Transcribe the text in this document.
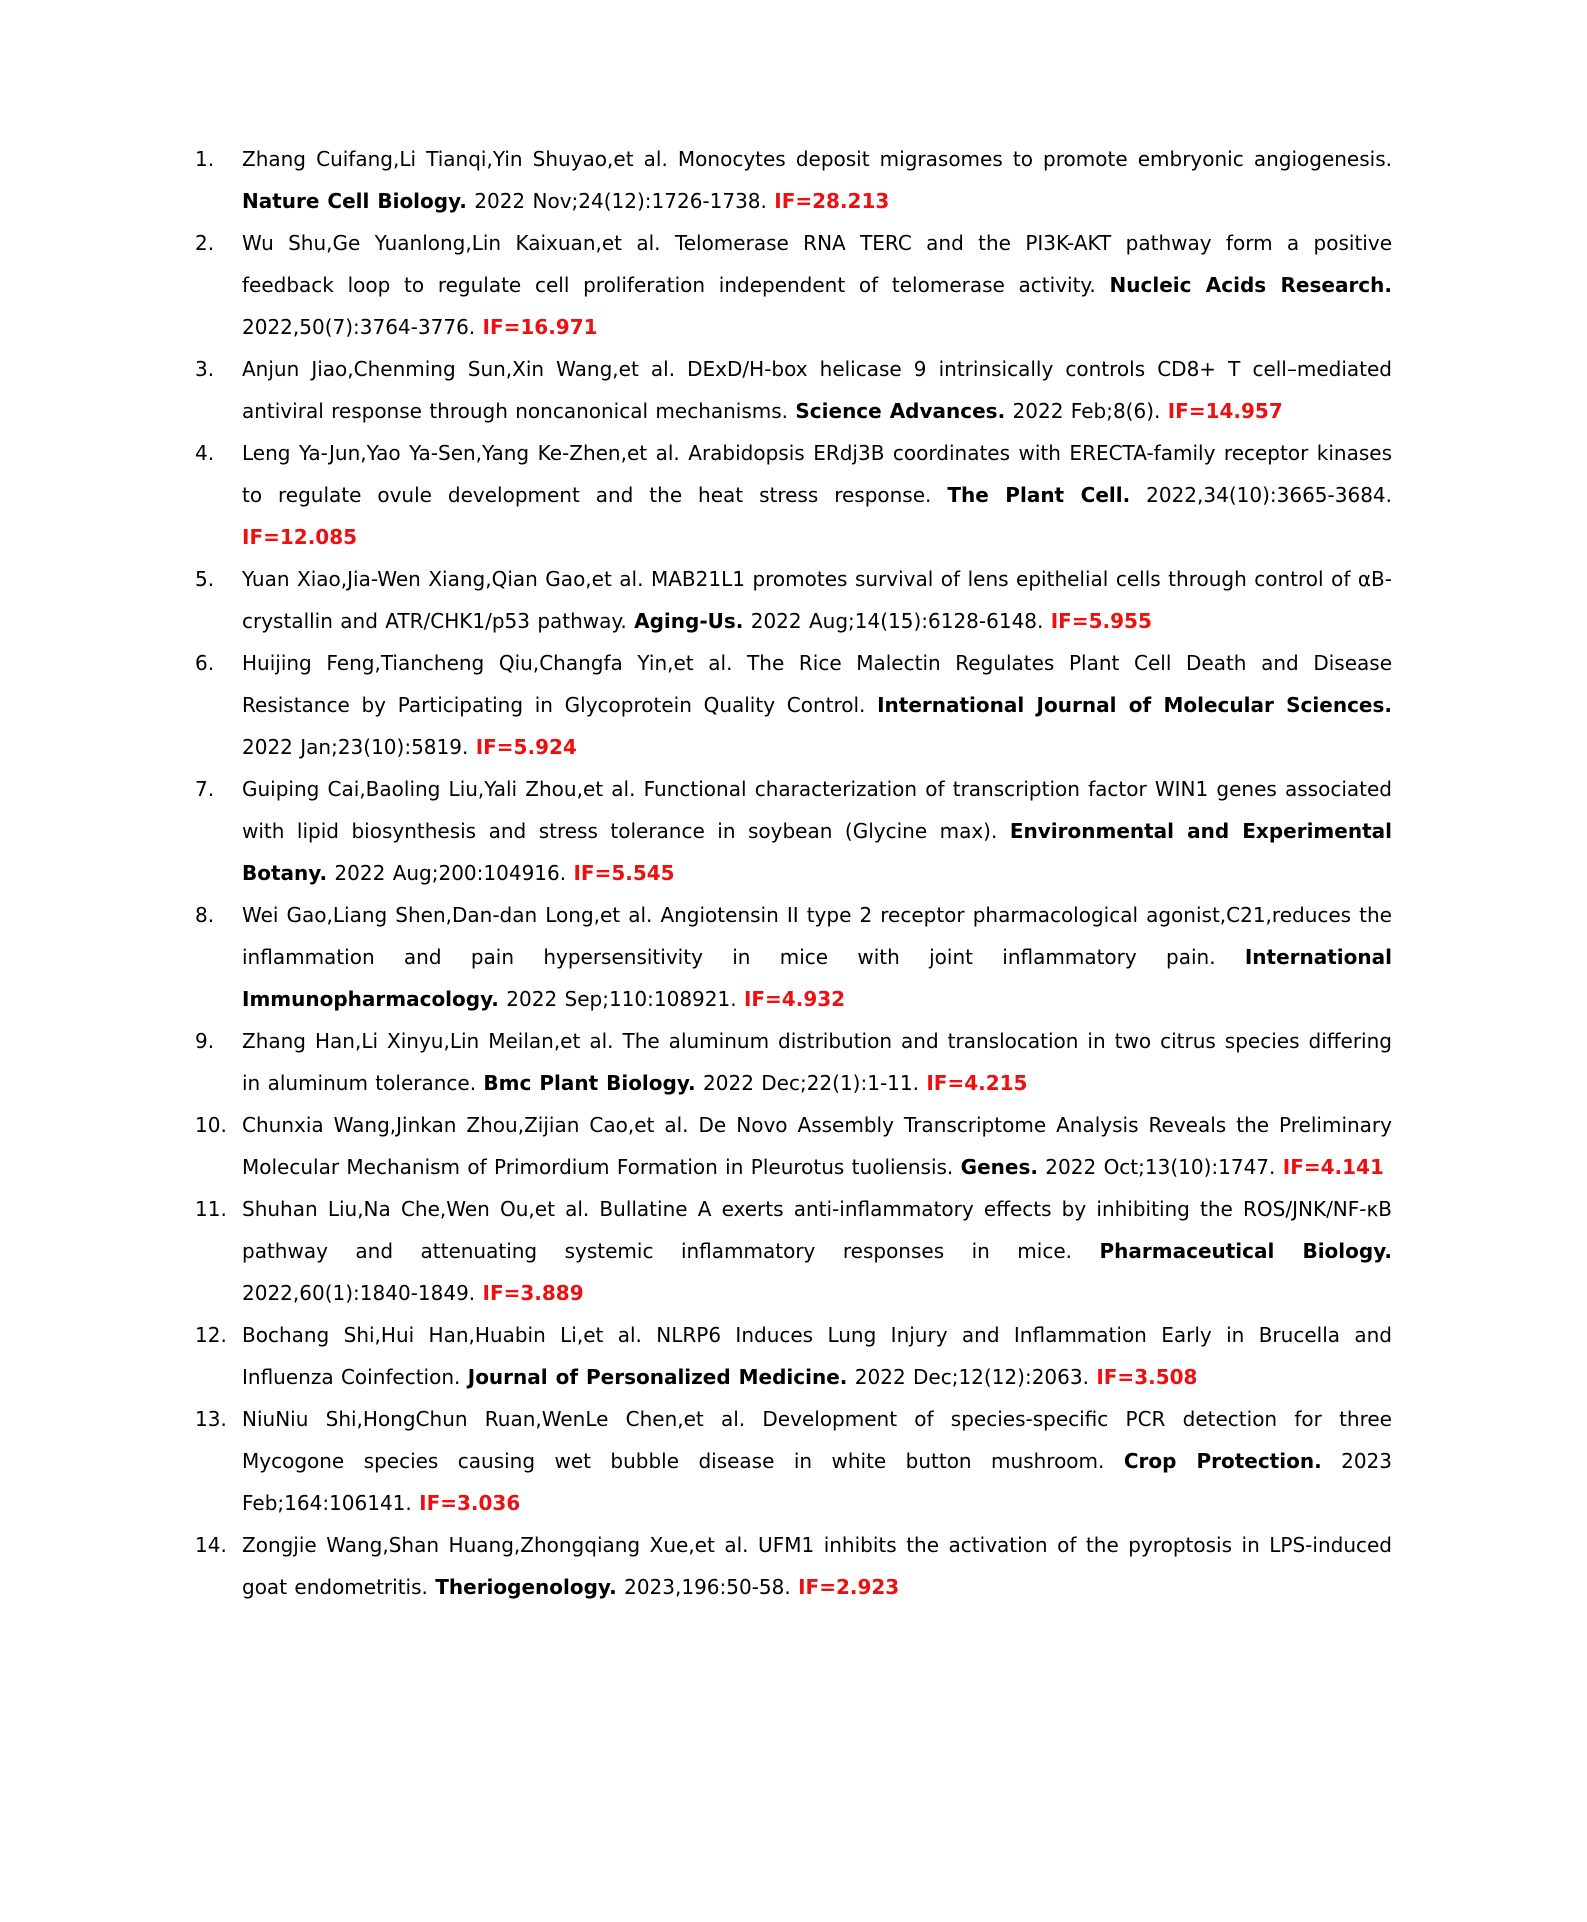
1.	Zhang Cuifang,Li Tianqi,Yin Shuyao,et al. Monocytes deposit migrasomes to promote embryonic angiogenesis. Nature Cell Biology. 2022 Nov;24(12):1726-1738. IF=28.213
2.	Wu Shu,Ge Yuanlong,Lin Kaixuan,et al. Telomerase RNA TERC and the PI3K-AKT pathway form a positive feedback loop to regulate cell proliferation independent of telomerase activity. Nucleic Acids Research. 2022,50(7):3764-3776. IF=16.971
3.	Anjun Jiao,Chenming Sun,Xin Wang,et al. DExD/H-box helicase 9 intrinsically controls CD8+ T cell–mediated antiviral response through noncanonical mechanisms. Science Advances. 2022 Feb;8(6). IF=14.957
4.	Leng Ya-Jun,Yao Ya-Sen,Yang Ke-Zhen,et al. Arabidopsis ERdj3B coordinates with ERECTA-family receptor kinases to regulate ovule development and the heat stress response. The Plant Cell. 2022,34(10):3665-3684. IF=12.085
5.	Yuan Xiao,Jia-Wen Xiang,Qian Gao,et al. MAB21L1 promotes survival of lens epithelial cells through control of αB-crystallin and ATR/CHK1/p53 pathway. Aging-Us. 2022 Aug;14(15):6128-6148. IF=5.955
6.	Huijing Feng,Tiancheng Qiu,Changfa Yin,et al. The Rice Malectin Regulates Plant Cell Death and Disease Resistance by Participating in Glycoprotein Quality Control. International Journal of Molecular Sciences. 2022 Jan;23(10):5819. IF=5.924
7.	Guiping Cai,Baoling Liu,Yali Zhou,et al. Functional characterization of transcription factor WIN1 genes associated with lipid biosynthesis and stress tolerance in soybean (Glycine max). Environmental and Experimental Botany. 2022 Aug;200:104916. IF=5.545
8.	Wei Gao,Liang Shen,Dan-dan Long,et al. Angiotensin II type 2 receptor pharmacological agonist,C21,reduces the inflammation and pain hypersensitivity in mice with joint inflammatory pain. International Immunopharmacology. 2022 Sep;110:108921. IF=4.932
9.	Zhang Han,Li Xinyu,Lin Meilan,et al. The aluminum distribution and translocation in two citrus species differing in aluminum tolerance. Bmc Plant Biology. 2022 Dec;22(1):1-11. IF=4.215
10. Chunxia Wang,Jinkan Zhou,Zijian Cao,et al. De Novo Assembly Transcriptome Analysis Reveals the Preliminary Molecular Mechanism of Primordium Formation in Pleurotus tuoliensis. Genes. 2022 Oct;13(10):1747. IF=4.141
11. Shuhan Liu,Na Che,Wen Ou,et al. Bullatine A exerts anti-inflammatory effects by inhibiting the ROS/JNK/NF-κB pathway and attenuating systemic inflammatory responses in mice. Pharmaceutical Biology. 2022,60(1):1840-1849. IF=3.889
12. Bochang Shi,Hui Han,Huabin Li,et al. NLRP6 Induces Lung Injury and Inflammation Early in Brucella and Influenza Coinfection. Journal of Personalized Medicine. 2022 Dec;12(12):2063. IF=3.508
13. NiuNiu Shi,HongChun Ruan,WenLe Chen,et al. Development of species-specific PCR detection for three Mycogone species causing wet bubble disease in white button mushroom. Crop Protection. 2023 Feb;164:106141. IF=3.036
14. Zongjie Wang,Shan Huang,Zhongqiang Xue,et al. UFM1 inhibits the activation of the pyroptosis in LPS-induced goat endometritis. Theriogenology. 2023,196:50-58. IF=2.923
